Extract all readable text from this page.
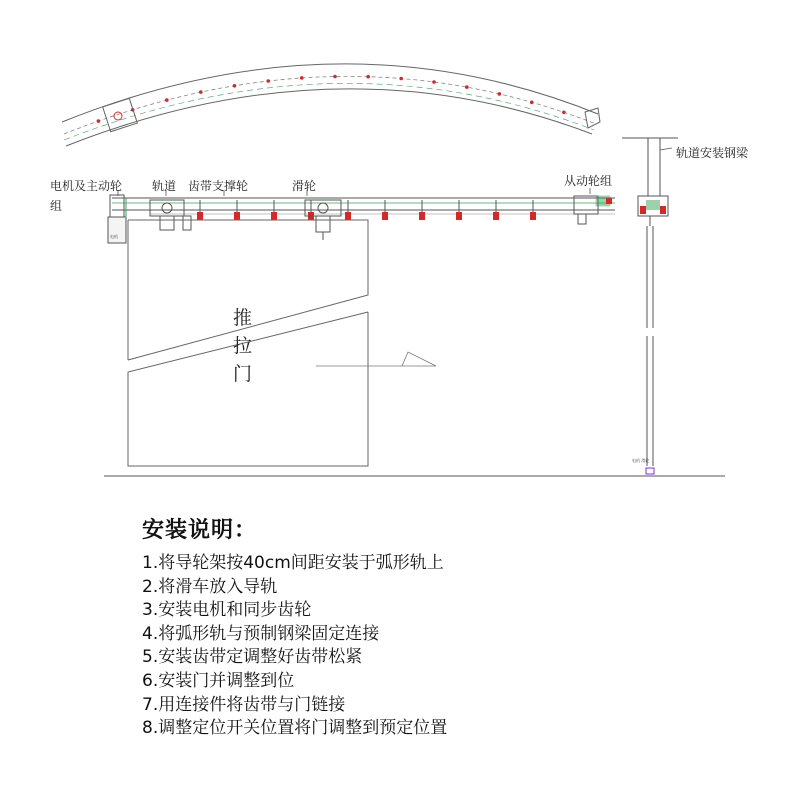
电机
电机 滑轮
电机及主动轮
组
轨道 齿带支撑轮	滑轮	从动轮组
轨道安装钢梁
推
拉
门
安装说明：
1.将导轮架按40cm间距安装于弧形轨上
2.将滑车放入导轨
3.安装电机和同步齿轮
4.将弧形轨与预制钢梁固定连接
5.安装齿带定调整好齿带松紧
6.安装门并调整到位
7.用连接件将齿带与门链接
8.调整定位开关位置将门调整到预定位置
